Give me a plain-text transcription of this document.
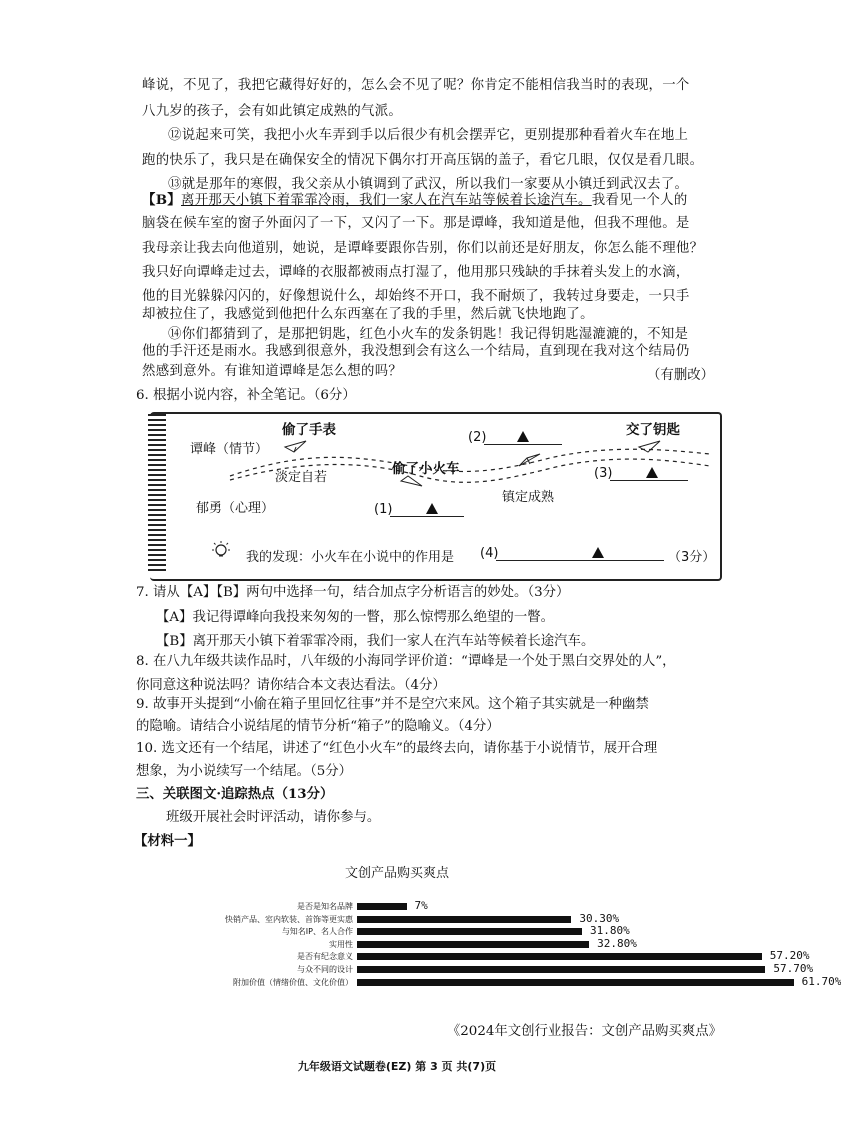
峰说，不见了，我把它藏得好好的，怎么会不见了呢？你肯定不能相信我当时的表现，一个
八九岁的孩子，会有如此镇定成熟的气派。
⑫说起来可笑，我把小火车弄到手以后很少有机会摆弄它，更别提那种看着火车在地上
跑的快乐了，我只是在确保安全的情况下偶尔打开高压锅的盖子，看它几眼，仅仅是看几眼。
⑬就是那年的寒假，我父亲从小镇调到了武汉，所以我们一家要从小镇迁到武汉去了。
【B】离开那天小镇下着霏霏冷雨，我们一家人在汽车站等候着长途汽车。我看见一个人的
脑袋在候车室的窗子外面闪了一下，又闪了一下。那是谭峰，我知道是他，但我不理他。是
我母亲让我去向他道别，她说，是谭峰要跟你告别，你们以前还是好朋友，你怎么能不理他？
我只好向谭峰走过去，谭峰的衣服都被雨点打湿了，他用那只残缺的手抹着头发上的水滴，
他的目光躲躲闪闪的，好像想说什么，却始终不开口，我不耐烦了，我转过身要走，一只手
却被拉住了，我感觉到他把什么东西塞在了我的手里，然后就飞快地跑了。
⑭你们都猜到了，是那把钥匙，红色小火车的发条钥匙！我记得钥匙湿漉漉的，不知是
他的手汗还是雨水。我感到很意外，我没想到会有这么一个结局，直到现在我对这个结局仍
然感到意外。有谁知道谭峰是怎么想的吗？	（有删改）
6. 根据小说内容，补全笔记。（6分）
谭峰（情节）
郁勇（心理）
偷了手表	交了钥匙
偷了小火车
淡定自若
镇定成熟
(2)
(3)
(1)
我的发现：小火车在小说中的作用是 (4)	（3分）
7. 请从【A】【B】两句中选择一句，结合加点字分析语言的妙处。（3分）
【A】我记得谭峰向我投来匆匆的一瞥，那么惊愕那么绝望的一瞥。
【B】离开那天小镇下着霏霏冷雨，我们一家人在汽车站等候着长途汽车。
8. 在八九年级共读作品时，八年级的小海同学评价道：“谭峰是一个处于黑白交界处的人”，
你同意这种说法吗？请你结合本文表达看法。（4分）
9. 故事开头提到“小偷在箱子里回忆往事”并不是空穴来风。这个箱子其实就是一种幽禁
的隐喻。请结合小说结尾的情节分析“箱子”的隐喻义。（4分）
10. 选文还有一个结尾，讲述了“红色小火车”的最终去向，请你基于小说情节，展开合理
想象，为小说续写一个结尾。（5分）
三、关联图文·追踪热点（13分）
班级开展社会时评活动，请你参与。
【材料一】
文创产品购买爽点
是否是知名品牌	7%
快销产品、室内软装、首饰等更实惠	30.30%
与知名IP、名人合作	31.80%
实用性	32.80%
是否有纪念意义	57.20%
与众不同的设计	57.70%
附加价值（情绪价值、文化价值）	61.70%
《2024年文创行业报告：文创产品购买爽点》
九年级语文试题卷(EZ) 第 3 页 共(7)页
